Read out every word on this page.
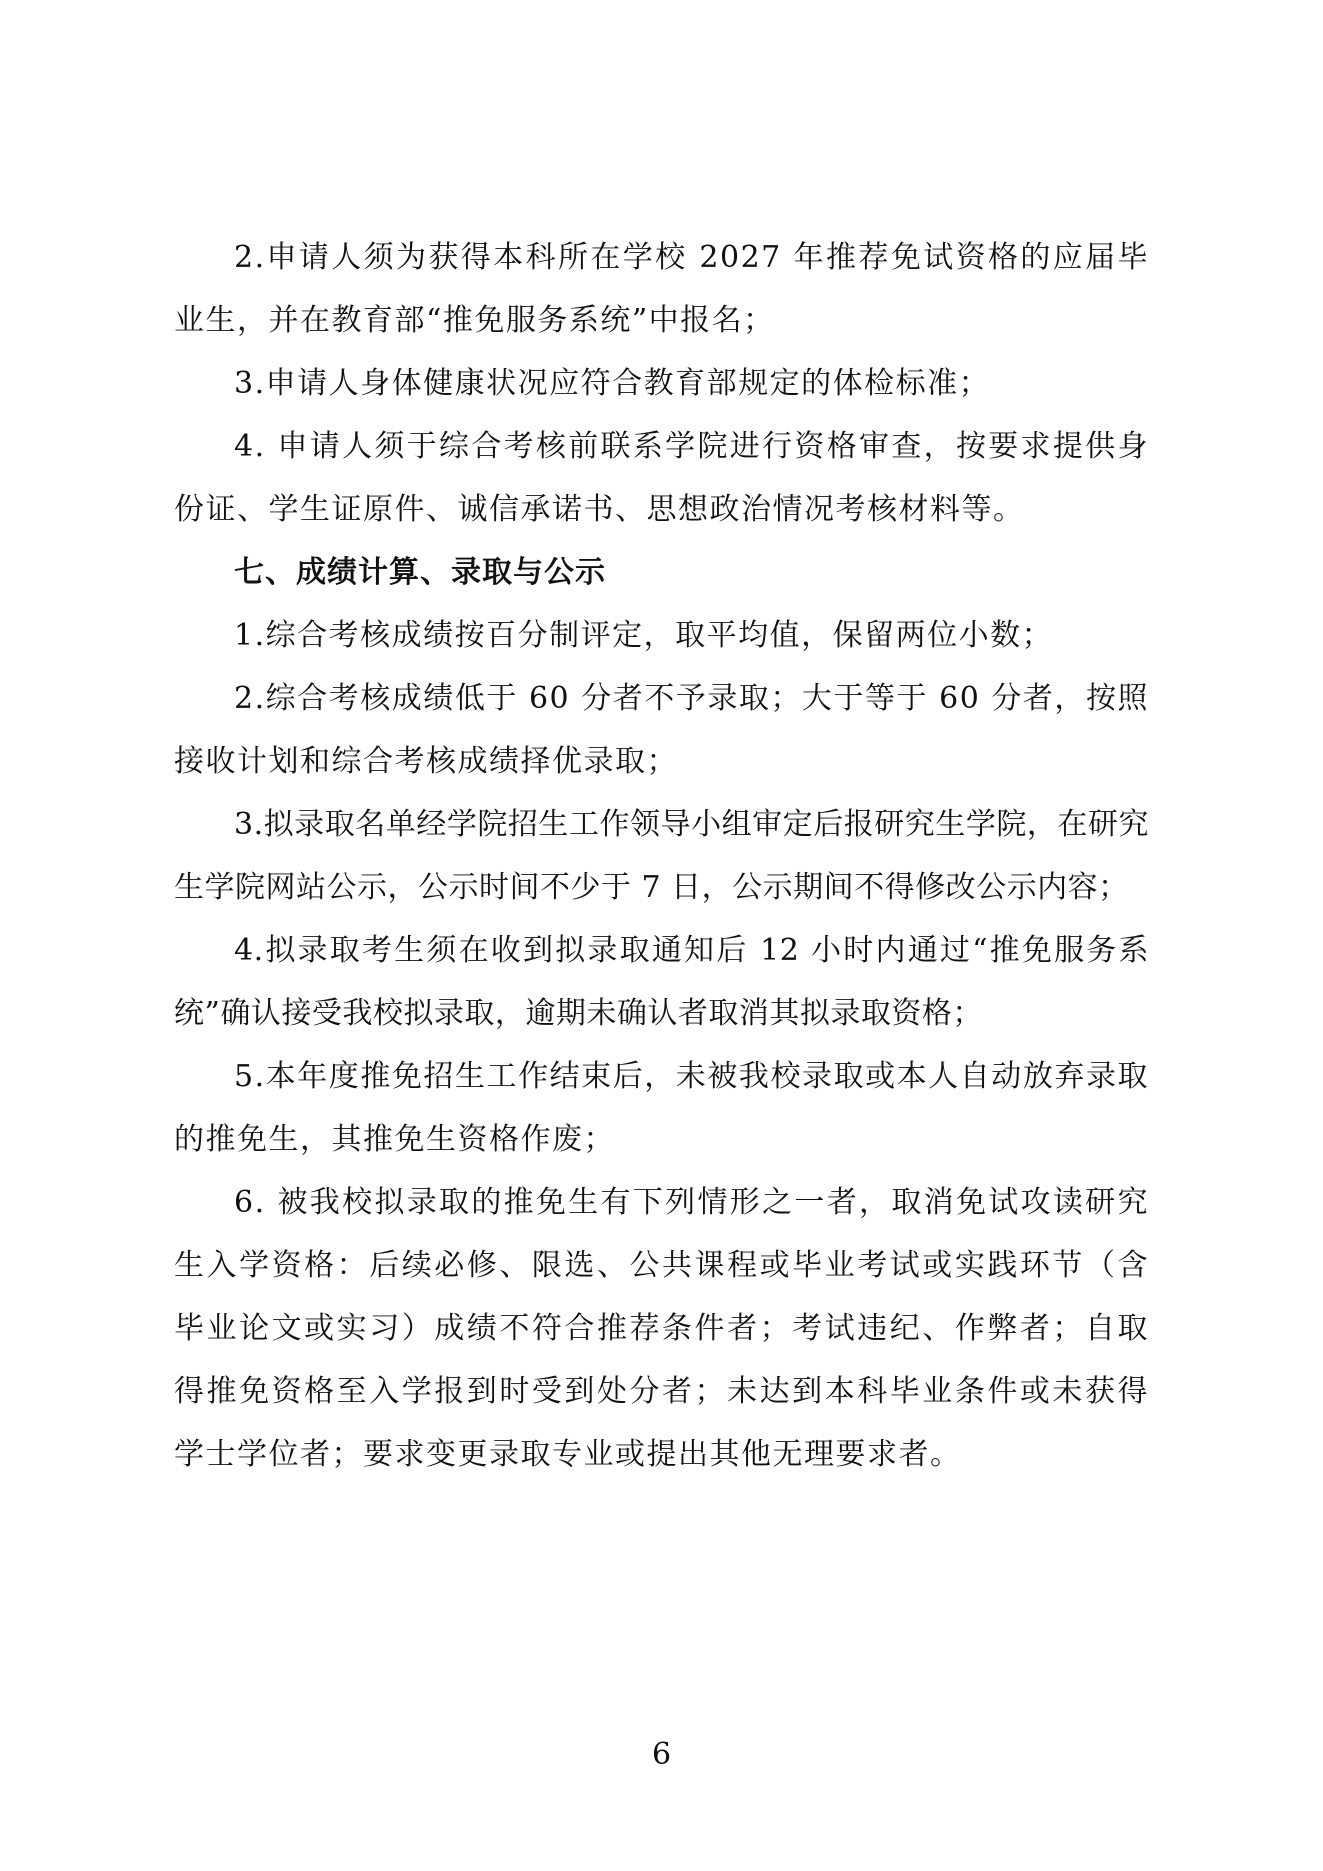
2.申请人须为获得本科所在学校 2027 年推荐免试资格的应届毕业生，并在教育部“推免服务系统”中报名；

3.申请人身体健康状况应符合教育部规定的体检标准；

4. 申请人须于综合考核前联系学院进行资格审查，按要求提供身份证、学生证原件、诚信承诺书、思想政治情况考核材料等。

七、成绩计算、录取与公示

1.综合考核成绩按百分制评定，取平均值，保留两位小数；

2.综合考核成绩低于 60 分者不予录取；大于等于 60 分者，按照接收计划和综合考核成绩择优录取；

3.拟录取名单经学院招生工作领导小组审定后报研究生学院，在研究生学院网站公示，公示时间不少于 7 日，公示期间不得修改公示内容；

4.拟录取考生须在收到拟录取通知后 12 小时内通过“推免服务系统”确认接受我校拟录取，逾期未确认者取消其拟录取资格；

5.本年度推免招生工作结束后，未被我校录取或本人自动放弃录取的推免生，其推免生资格作废；

6. 被我校拟录取的推免生有下列情形之一者，取消免试攻读研究生入学资格：后续必修、限选、公共课程或毕业考试或实践环节（含毕业论文或实习）成绩不符合推荐条件者；考试违纪、作弊者；自取得推免资格至入学报到时受到处分者；未达到本科毕业条件或未获得学士学位者；要求变更录取专业或提出其他无理要求者。

6
